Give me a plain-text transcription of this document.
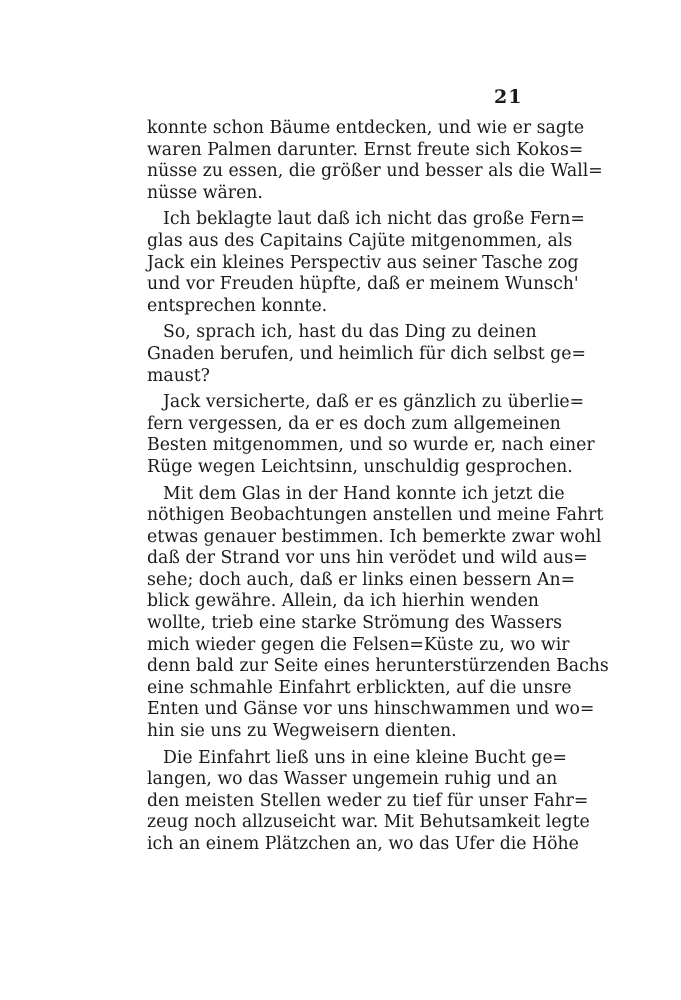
21
konnte schon Bäume entdecken, und wie er sagte
waren Palmen darunter. Ernst freute sich Kokos=
nüsse zu essen, die größer und besser als die Wall=
nüsse wären.
Ich beklagte laut daß ich nicht das große Fern=
glas aus des Capitains Cajüte mitgenommen, als
Jack ein kleines Perspectiv aus seiner Tasche zog
und vor Freuden hüpfte, daß er meinem Wunsch'
entsprechen konnte.
So, sprach ich, hast du das Ding zu deinen
Gnaden berufen, und heimlich für dich selbst ge=
maust?
Jack versicherte, daß er es gänzlich zu überlie=
fern vergessen, da er es doch zum allgemeinen
Besten mitgenommen, und so wurde er, nach einer
Rüge wegen Leichtsinn, unschuldig gesprochen.
Mit dem Glas in der Hand konnte ich jetzt die
nöthigen Beobachtungen anstellen und meine Fahrt
etwas genauer bestimmen. Ich bemerkte zwar wohl
daß der Strand vor uns hin verödet und wild aus=
sehe; doch auch, daß er links einen bessern An=
blick gewähre. Allein, da ich hierhin wenden
wollte, trieb eine starke Strömung des Wassers
mich wieder gegen die Felsen=Küste zu, wo wir
denn bald zur Seite eines herunterstürzenden Bachs
eine schmahle Einfahrt erblickten, auf die unsre
Enten und Gänse vor uns hinschwammen und wo=
hin sie uns zu Wegweisern dienten.
Die Einfahrt ließ uns in eine kleine Bucht ge=
langen, wo das Wasser ungemein ruhig und an
den meisten Stellen weder zu tief für unser Fahr=
zeug noch allzuseicht war. Mit Behutsamkeit legte
ich an einem Plätzchen an, wo das Ufer die Höhe
